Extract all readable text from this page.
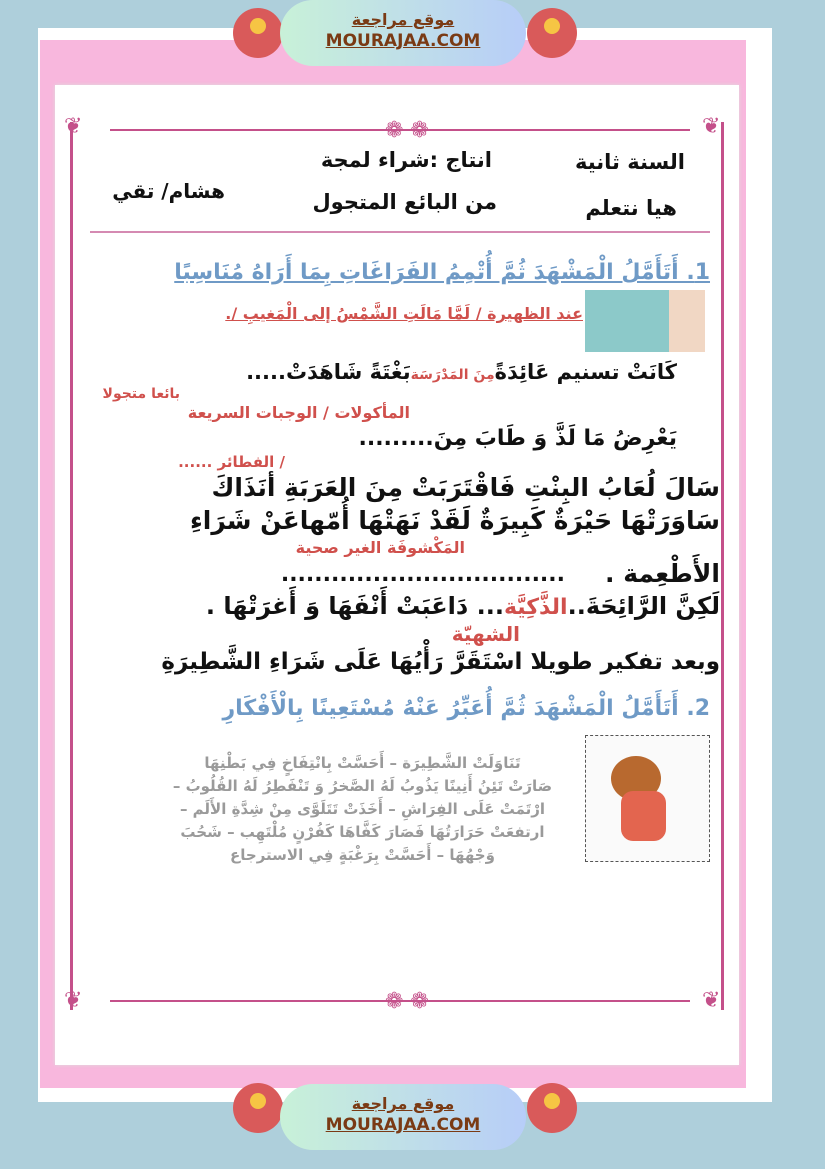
❦	❦
❦	❦
❁ ❁
❁ ❁
موقع مراجعة
MOURAJAA.COM
موقع مراجعة
MOURAJAA.COM
السنة ثانية
هيا نتعلم
انتاج :شراء لمجة
من البائع المتجول
هشام/ تقي
1. أَتَأَمَّلُ الْمَشْهَدَ ثُمَّ أُتْمِمُ الفَرَاغَاتِ بِمَا أَرَاهُ مُنَاسِبًا
عند الظهيرة / لَمَّا مَالَتِ الشَّمْسُ إلى الْمَغيبِ /.
كَانَتْ تسنيم عَائِدَةًمِنَ المَدْرَسَةبَغْتَةً شَاهَدَتْ.....
بائعا متجولا
المأكولات / الوجبات السريعة
يَعْرِضُ مَا لَذَّ وَ طَابَ مِنَ.........
/ الفطائر ......
سَالَ لُعَابُ البِنْتِ فَاقْتَرَبَتْ مِنَ العَرَبَةِ أنَذَاكَ
سَاوَرَتْهَا حَيْرَةٌ كَبِيرَةٌ لَقَدْ نَهَتْهَا أُمّهاعَنْ شَرَاءِ
المَكْشوفَة الغير صحية
الأَطْعِمة .
..................................
لَكِنَّ الرَّائِحَةَ..الذَّكِيَّة... دَاعَبَتْ أَنْفَهَا وَ أَغرَتْهَا .
الشهيّة
وبعد تفكير طويلا اسْتَقَرَّ رَأْيُهَا عَلَى شَرَاءِ الشَّطِيرَةِ
2. أَتَأَمَّلُ الْمَشْهَدَ ثُمَّ أُعَبِّرُ عَنْهُ مُسْتَعِينًا بِالْأَفْكَارِ
تَنَاوَلَتْ الشَّطِيرَة – أَحَسَّتْ بِانْتِفَاخٍ فِي بَطْنِهَا
صَارَتْ تَئِنُ أَنِينًا يَذُوبُ لَهُ الصَّخرُ وَ تَنْفَطِرُ لَهُ القُلُوبُ –
ارْتَمَتْ عَلَى الفِرَاشِ – أَخَذَتْ تَتَلَوَّى مِنْ شِدَّةِ الأَلَم –
ارتفعَتْ حَرَارَتُهَا فَصَارَ كَفَّاهَا كَفُرْنٍ مُلْتَهِب – شَحُبَ
وَجْهُهَا – أَحَسَّتْ بِرَغْبَةٍ فِي الاسترجاع
